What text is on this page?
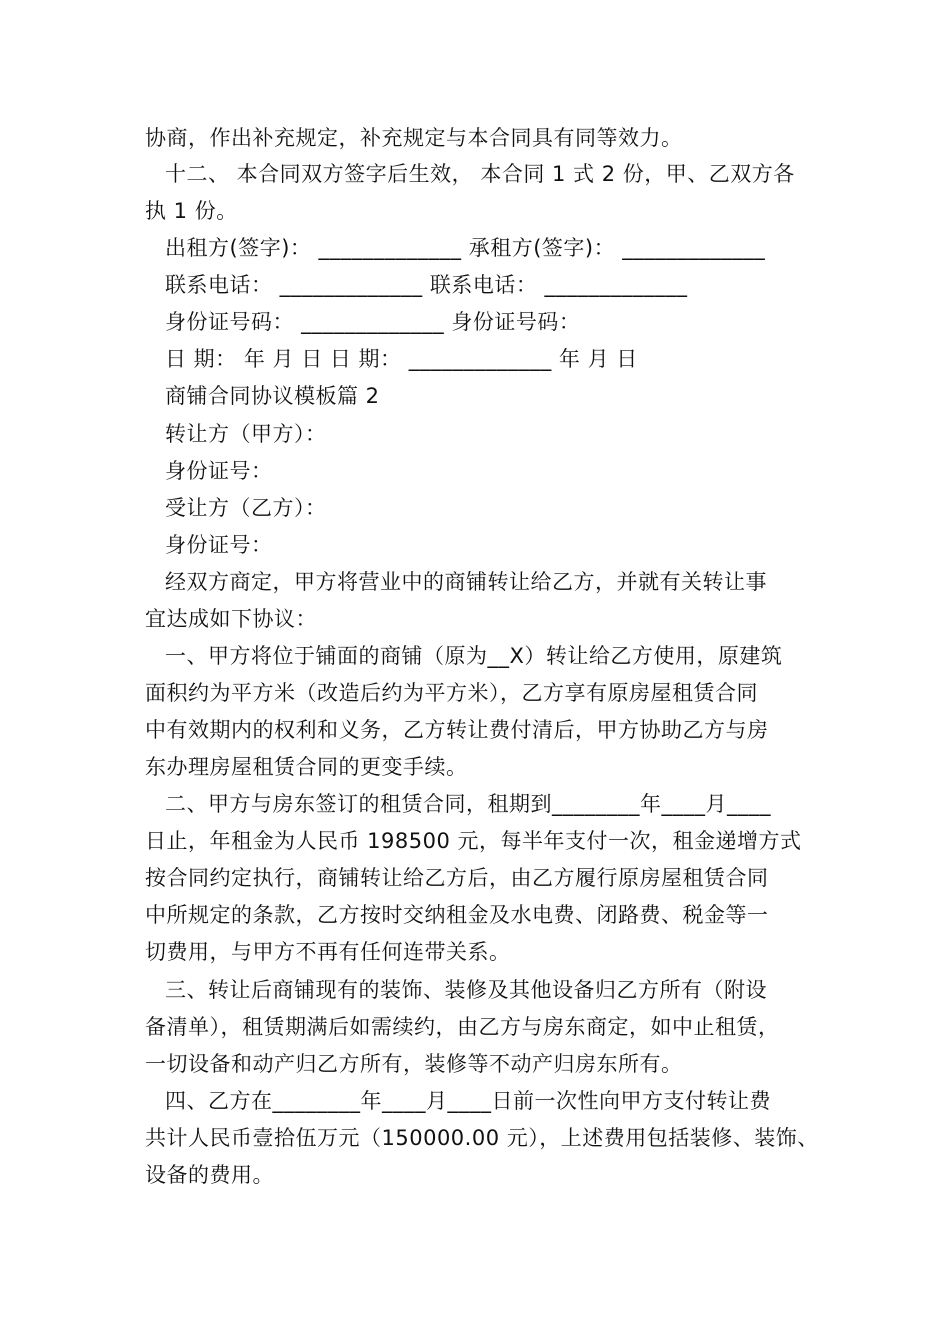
协商，作出补充规定，补充规定与本合同具有同等效力。
十二、 本合同双方签字后生效， 本合同 1 式 2 份，甲、乙双方各
执 1 份。
出租方(签字)： _____________ 承租方(签字)： _____________
联系电话： _____________ 联系电话： _____________
身份证号码： _____________ 身份证号码：
日 期： 年 月 日 日 期： _____________ 年 月 日
商铺合同协议模板篇 2
转让方（甲方）：
身份证号：
受让方（乙方）：
身份证号：
经双方商定，甲方将营业中的商铺转让给乙方，并就有关转让事
宜达成如下协议：
一、甲方将位于铺面的商铺（原为__X）转让给乙方使用，原建筑
面积约为平方米（改造后约为平方米），乙方享有原房屋租赁合同
中有效期内的权利和义务，乙方转让费付清后，甲方协助乙方与房
东办理房屋租赁合同的更变手续。
二、甲方与房东签订的租赁合同，租期到________年____月____
日止，年租金为人民币 198500 元，每半年支付一次，租金递增方式
按合同约定执行，商铺转让给乙方后，由乙方履行原房屋租赁合同
中所规定的条款，乙方按时交纳租金及水电费、闭路费、税金等一
切费用，与甲方不再有任何连带关系。
三、转让后商铺现有的装饰、装修及其他设备归乙方所有（附设
备清单），租赁期满后如需续约，由乙方与房东商定，如中止租赁，
一切设备和动产归乙方所有，装修等不动产归房东所有。
四、乙方在________年____月____日前一次性向甲方支付转让费
共计人民币壹拾伍万元（150000.00 元），上述费用包括装修、装饰、
设备的费用。
